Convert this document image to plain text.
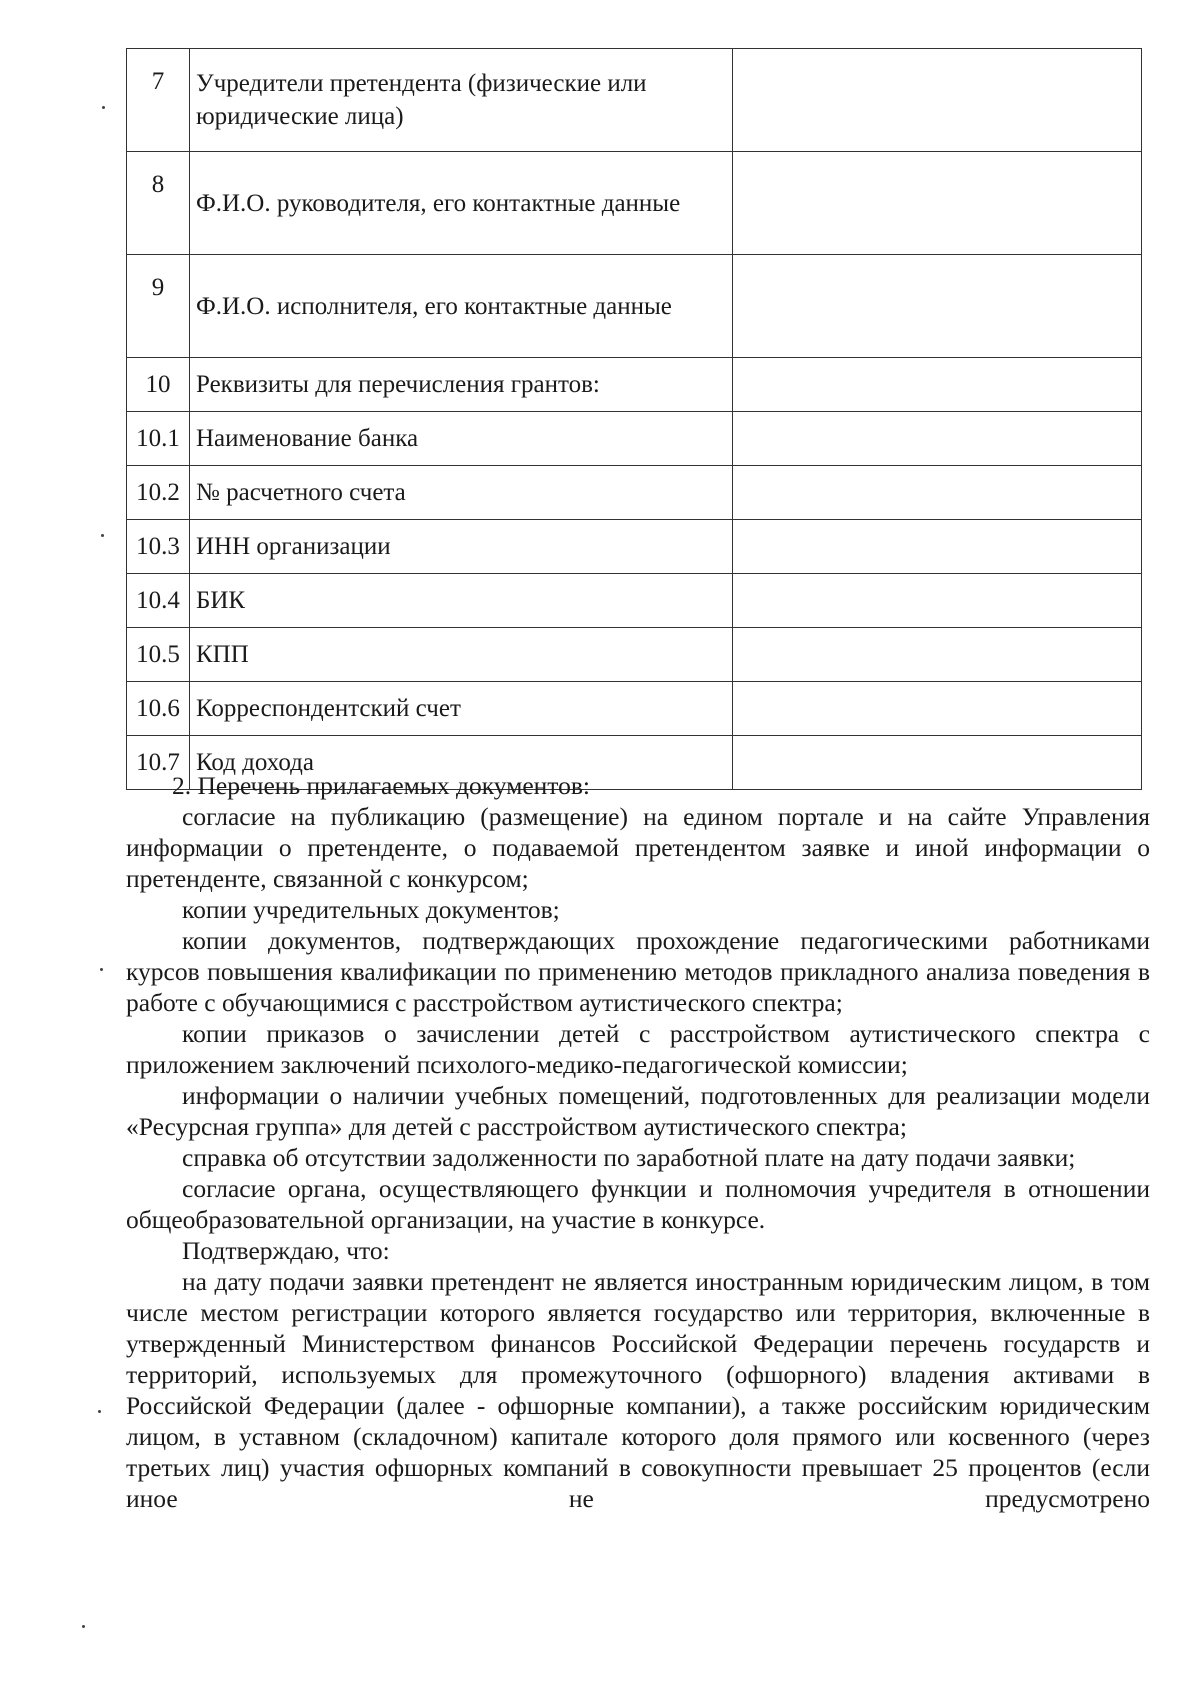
7	Учредители претендента (физические или юридические лица)	
8	Ф.И.О. руководителя, его контактные данные	
9	Ф.И.О. исполнителя, его контактные данные	
10	Реквизиты для перечисления грантов:	
10.1	Наименование банка	
10.2	№ расчетного счета	
10.3	ИНН организации	
10.4	БИК	
10.5	КПП	
10.6	Корреспондентский счет	
10.7	Код дохода	

2. Перечень прилагаемых документов:

согласие на публикацию (размещение) на едином портале и на сайте Управления информации о претенденте, о подаваемой претендентом заявке и иной информации о претенденте, связанной с конкурсом;

копии учредительных документов;

копии документов, подтверждающих прохождение педагогическими работниками курсов повышения квалификации по применению методов прикладного анализа поведения в работе с обучающимися с расстройством аутистического спектра;

копии приказов о зачислении детей с расстройством аутистического спектра с приложением заключений психолого-медико-педагогической комиссии;

информации о наличии учебных помещений, подготовленных для реализации модели «Ресурсная группа» для детей с расстройством аутистического спектра;

справка об отсутствии задолженности по заработной плате на дату подачи заявки;

согласие органа, осуществляющего функции и полномочия учредителя в отношении общеобразовательной организации, на участие в конкурсе.

Подтверждаю, что:

на дату подачи заявки претендент не является иностранным юридическим лицом, в том числе местом регистрации которого является государство или территория, включенные в утвержденный Министерством финансов Российской Федерации перечень государств и территорий, используемых для промежуточного (офшорного) владения активами в Российской Федерации (далее - офшорные компании), а также российским юридическим лицом, в уставном (складочном) капитале которого доля прямого или косвенного (через третьих лиц) участия офшорных компаний в совокупности превышает 25 процентов (если иное не предусмотрено
